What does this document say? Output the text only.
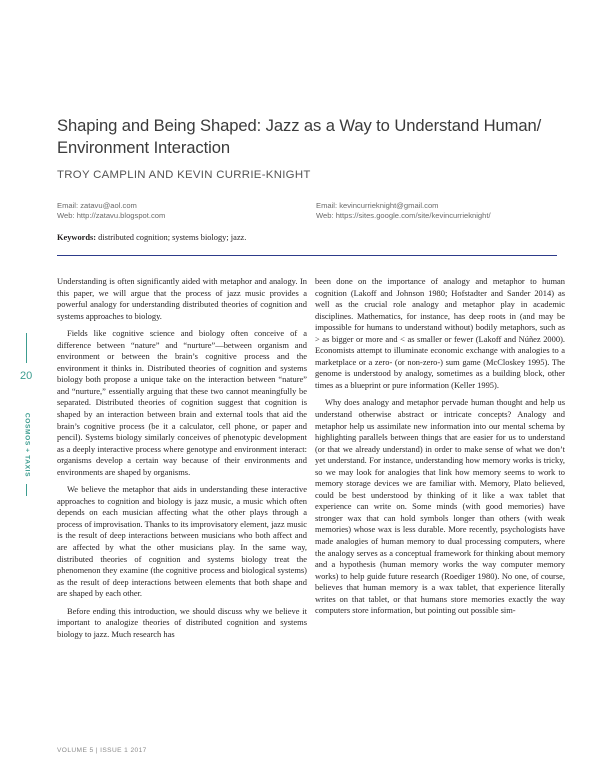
Shaping and Being Shaped: Jazz as a Way to Understand Human/ Environment Interaction
TROY CAMPLIN AND KEVIN CURRIE-KNIGHT
Email: zatavu@aol.com
Web: http://zatavu.blogspot.com
Email: kevincurrieknight@gmail.com
Web: https://sites.google.com/site/kevincurrieknight/
Keywords: distributed cognition; systems biology; jazz.
20
COSMOS + TAXIS

Understanding is often significantly aided with metaphor and analogy. In this paper, we will argue that the process of jazz music provides a powerful analogy for understanding distributed theories of cognition and systems approaches to biology.

Fields like cognitive science and biology often conceive of a difference between “nature” and “nurture”—between organism and environment or between the brain’s cognitive process and the environment it thinks in. Distributed theories of cognition and systems biology both propose a unique take on the interaction between “nature” and “nurture,” essentially arguing that these two cannot meaningfully be separated. Distributed theories of cognition suggest that cognition is shaped by an interaction between brain and external tools that aid the brain’s cognitive process (be it a calculator, cell phone, or paper and pencil). Systems biology similarly conceives of phenotypic development as a deeply interactive process where genotype and environment interact: organisms develop a certain way because of their environments and environments are shaped by organisms.

We believe the metaphor that aids in understanding these interactive approaches to cognition and biology is jazz music, a music which often depends on each musician affecting what the other plays through a process of improvisation. Thanks to its improvisatory element, jazz music is the result of deep interactions between musicians who both affect and are affected by what the other musicians play. In the same way, distributed theories of cognition and systems biology treat the phenomenon they examine (the cognitive process and biological systems) as the result of deep interactions between elements that both shape and are shaped by each other.

Before ending this introduction, we should discuss why we believe it important to analogize theories of distributed cognition and systems biology to jazz. Much research has

been done on the importance of analogy and metaphor to human cognition (Lakoff and Johnson 1980; Hofstadter and Sander 2014) as well as the crucial role analogy and metaphor play in academic disciplines. Mathematics, for instance, has deep roots in (and may be impossible for humans to understand without) bodily metaphors, such as > as bigger or more and < as smaller or fewer (Lakoff and Núñez 2000). Economists attempt to illuminate economic exchange with analogies to a marketplace or a zero- (or non-zero-) sum game (McCloskey 1995). The genome is understood by analogy, sometimes as a building block, other times as a blueprint or pure information (Keller 1995).

Why does analogy and metaphor pervade human thought and help us understand otherwise abstract or intricate concepts? Analogy and metaphor help us assimilate new information into our mental schema by highlighting parallels between things that are easier for us to understand (or that we already understand) in order to make sense of what we don’t yet understand. For instance, understanding how memory works is tricky, so we may look for analogies that link how memory seems to work to memory storage devices we are familiar with. Memory, Plato believed, could be best understood by thinking of it like a wax tablet that experience can write on. Some minds (with good memories) have stronger wax that can hold symbols longer than others (with weak memories) whose wax is less durable. More recently, psychologists have made analogies of human memory to dual processing computers, where the analogy serves as a conceptual framework for thinking about memory and a hypothesis (human memory works the way computer memory works) to help guide future research (Roediger 1980). No one, of course, believes that human memory is a wax tablet, that experience literally writes on that tablet, or that humans store memories exactly the way computers store information, but pointing out possible sim-

VOLUME 5 | ISSUE 1 2017
